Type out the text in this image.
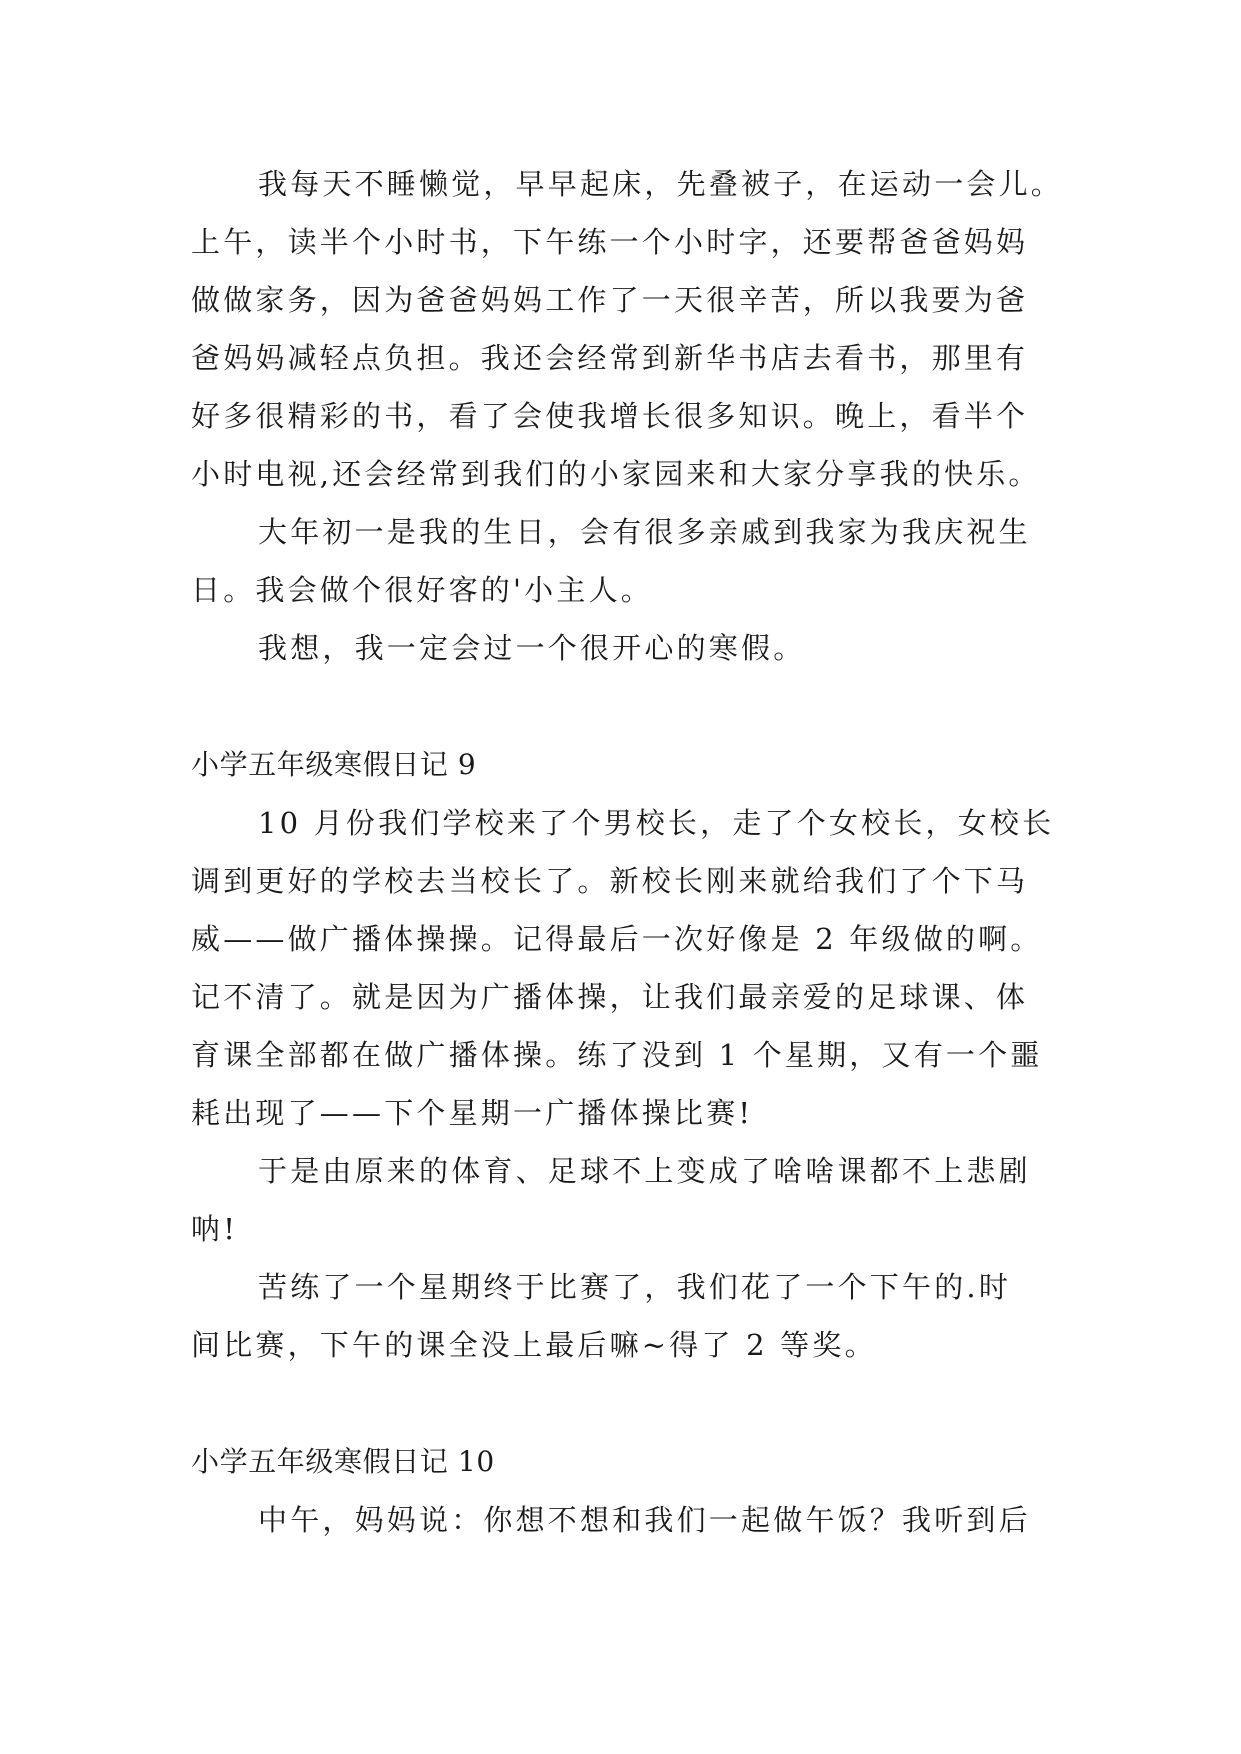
我每天不睡懒觉，早早起床，先叠被子，在运动一会儿。
上午，读半个小时书，下午练一个小时字，还要帮爸爸妈妈
做做家务，因为爸爸妈妈工作了一天很辛苦，所以我要为爸
爸妈妈减轻点负担。我还会经常到新华书店去看书，那里有
好多很精彩的书，看了会使我增长很多知识。晚上，看半个
小时电视,还会经常到我们的小家园来和大家分享我的快乐。
大年初一是我的生日，会有很多亲戚到我家为我庆祝生
日。我会做个很好客的'小主人。
我想，我一定会过一个很开心的寒假。
小学五年级寒假日记 9
10 月份我们学校来了个男校长，走了个女校长，女校长
调到更好的学校去当校长了。新校长刚来就给我们了个下马
威——做广播体操操。记得最后一次好像是 2 年级做的啊。
记不清了。就是因为广播体操，让我们最亲爱的足球课、体
育课全部都在做广播体操。练了没到 1 个星期，又有一个噩
耗出现了——下个星期一广播体操比赛!
于是由原来的体育、足球不上变成了啥啥课都不上悲剧
呐!
苦练了一个星期终于比赛了，我们花了一个下午的.时
间比赛，下午的课全没上最后嘛~得了 2 等奖。
小学五年级寒假日记 10
中午，妈妈说：你想不想和我们一起做午饭？我听到后
